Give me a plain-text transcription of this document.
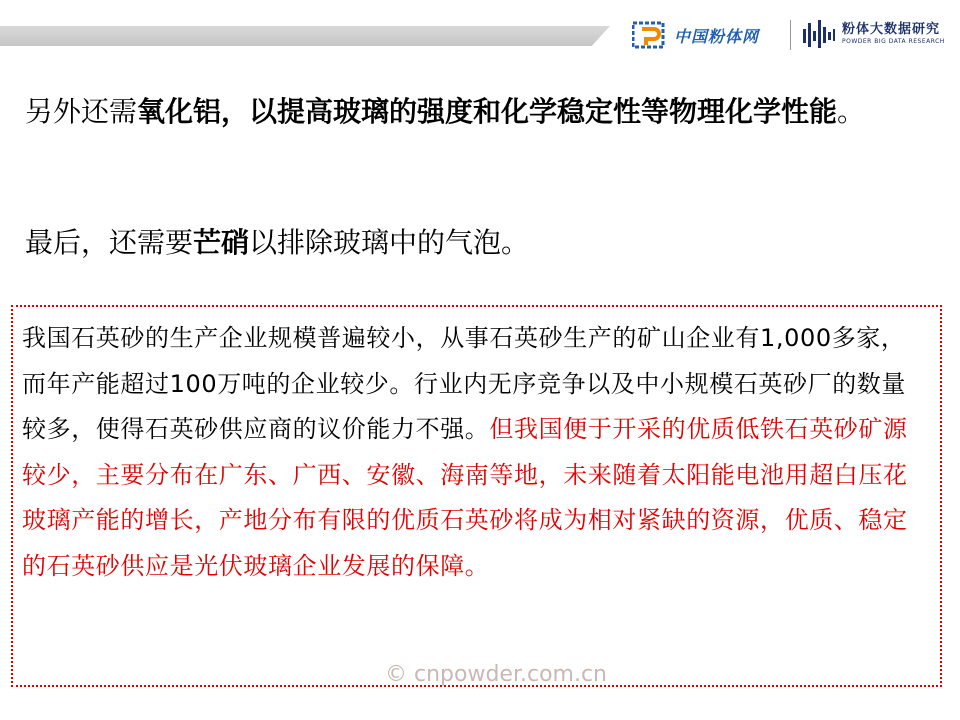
中国粉体网	粉体大数据研究
POWDER BIG DATA RESEARCH
另外还需氧化铝，以提高玻璃的强度和化学稳定性等物理化学性能。
最后，还需要芒硝以排除玻璃中的气泡。
我国石英砂的生产企业规模普遍较小，从事石英砂生产的矿山企业有1,000多家，而年产能超过100万吨的企业较少。行业内无序竞争以及中小规模石英砂厂的数量较多，使得石英砂供应商的议价能力不强。但我国便于开采的优质低铁石英砂矿源较少，主要分布在广东、广西、安徽、海南等地，未来随着太阳能电池用超白压花玻璃产能的增长，产地分布有限的优质石英砂将成为相对紧缺的资源，优质、稳定的石英砂供应是光伏玻璃企业发展的保障。
© cnpowder.com.cn
